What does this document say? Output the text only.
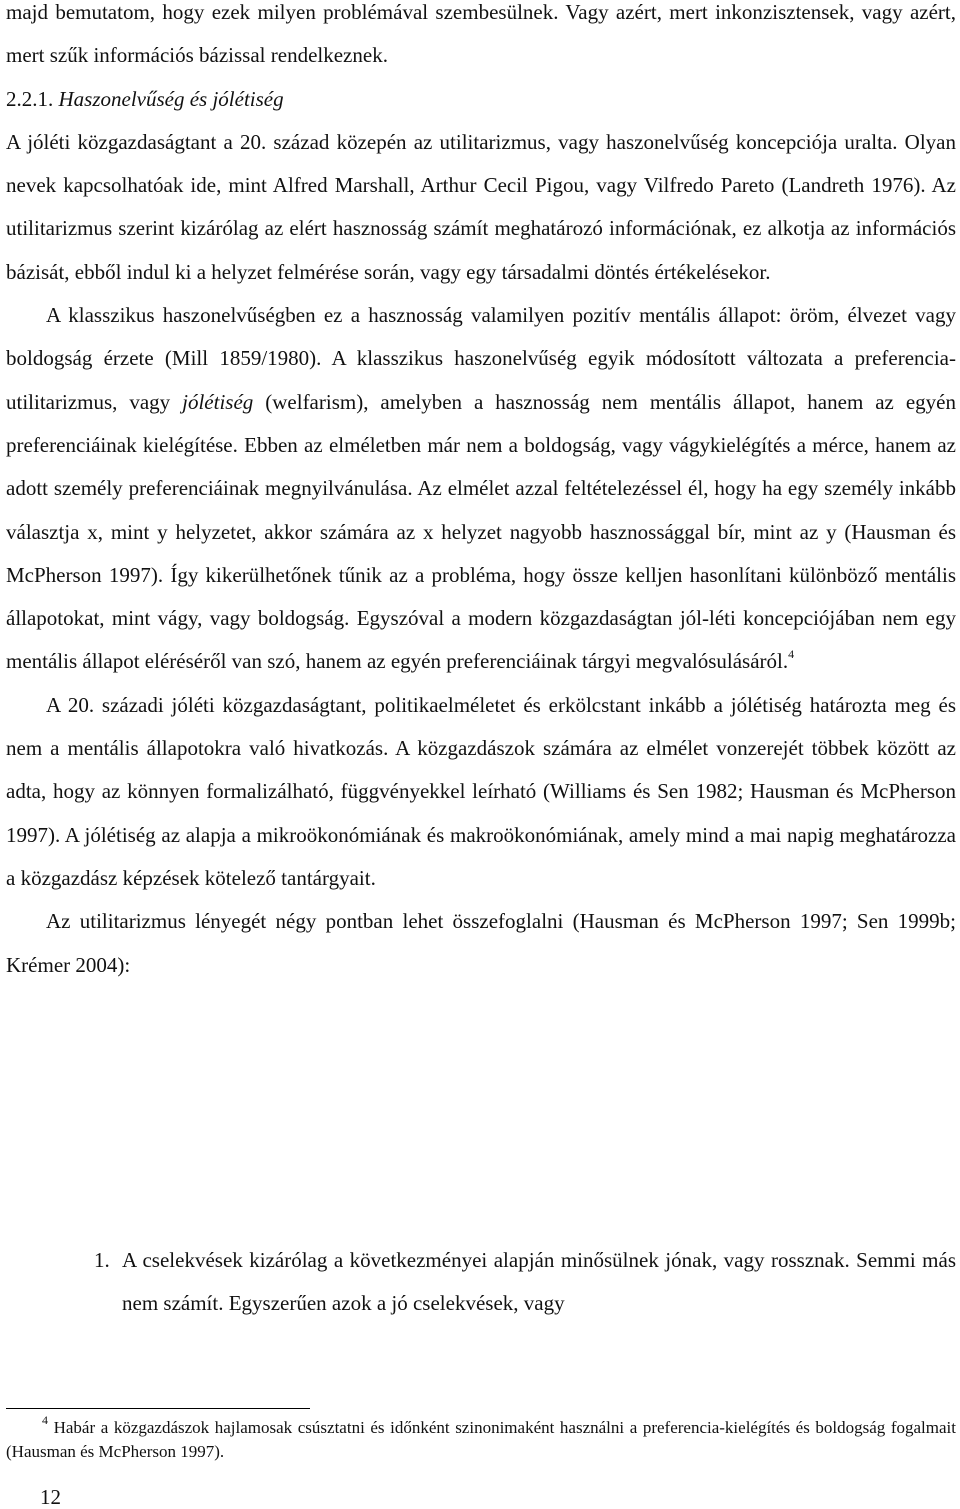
majd bemutatom, hogy ezek milyen problémával szembesülnek. Vagy azért, mert inkonzisztensek, vagy azért, mert szűk információs bázissal rendelkeznek.

2.2.1. Haszonelvűség és jólétiség

A jóléti közgazdaságtant a 20. század közepén az utilitarizmus, vagy haszonelvűség koncepciója uralta. Olyan nevek kapcsolhatóak ide, mint Alfred Marshall, Arthur Cecil Pigou, vagy Vilfredo Pareto (Landreth 1976). Az utilitarizmus szerint kizárólag az elért hasznosság számít meghatározó információnak, ez alkotja az információs bázisát, ebből indul ki a helyzet felmérése során, vagy egy társadalmi döntés értékelésekor.

A klasszikus haszonelvűségben ez a hasznosság valamilyen pozitív mentális állapot: öröm, élvezet vagy boldogság érzete (Mill 1859/1980). A klasszikus haszonelvűség egyik módosított változata a preferencia-utilitarizmus, vagy jólétiség (welfarism), amelyben a hasznosság nem mentális állapot, hanem az egyén preferenciáinak kielégítése. Ebben az elméletben már nem a boldogság, vagy vágykielégítés a mérce, hanem az adott személy preferenciáinak megnyilvánulása. Az elmélet azzal feltételezéssel él, hogy ha egy személy inkább választja x, mint y helyzetet, akkor számára az x helyzet nagyobb hasznossággal bír, mint az y (Hausman és McPherson 1997). Így kikerülhetőnek tűnik az a probléma, hogy össze kelljen hasonlítani különböző mentális állapotokat, mint vágy, vagy boldogság. Egyszóval a modern közgazdaságtan jól-léti koncepciójában nem egy mentális állapot eléréséről van szó, hanem az egyén preferenciáinak tárgyi megvalósulásáról.$^4$

A 20. századi jóléti közgazdaságtant, politikaelméletet és erkölcstant inkább a jólétiség határozta meg és nem a mentális állapotokra való hivatkozás. A közgazdászok számára az elmélet vonzerejét többek között az adta, hogy az könnyen formalizálható, függvényekkel leírható (Williams és Sen 1982; Hausman és McPherson 1997). A jólétiség az alapja a mikroökonómiának és makroökonómiának, amely mind a mai napig meghatározza a közgazdász képzések kötelező tantárgyait.

Az utilitarizmus lényegét négy pontban lehet összefoglalni (Hausman és McPherson 1997; Sen 1999b; Krémer 2004):

1. A cselekvések kizárólag a következményei alapján minősülnek jónak, vagy rossznak. Semmi más nem számít. Egyszerűen azok a jó cselekvések, vagy

$^4$ Habár a közgazdászok hajlamosak csúsztatni és időnként szinonimaként használni a preferencia-kielégítés és boldogság fogalmait (Hausman és McPherson 1997).

12
